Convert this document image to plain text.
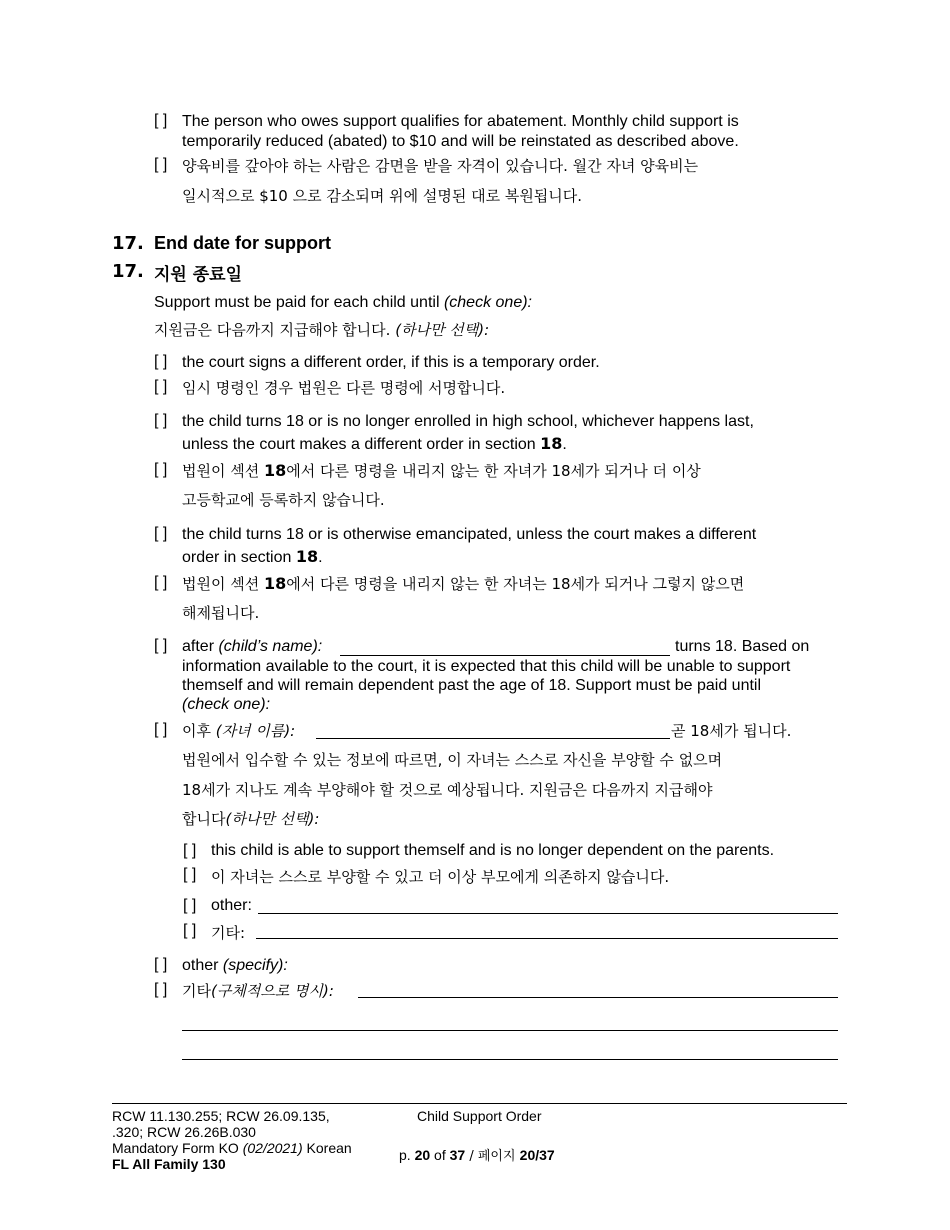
[ ] The person who owes support qualifies for abatement. Monthly child support is
temporarily reduced (abated) to $10 and will be reinstated as described above.
[ ] 양육비를 갚아야 하는 사람은 감면을 받을 자격이 있습니다. 월간 자녀 양육비는
일시적으로 $10 으로 감소되며 위에 설명된 대로 복원됩니다.
17. End date for support
17. 지원 종료일
Support must be paid for each child until (check one):
지원금은 다음까지 지급해야 합니다. (하나만 선택):
[ ] the court signs a different order, if this is a temporary order.
[ ] 임시 명령인 경우 법원은 다른 명령에 서명합니다.
[ ] the child turns 18 or is no longer enrolled in high school, whichever happens last,
unless the court makes a different order in section 18.
[ ] 법원이 섹션 18에서 다른 명령을 내리지 않는 한 자녀가 18세가 되거나 더 이상
고등학교에 등록하지 않습니다.
[ ] the child turns 18 or is otherwise emancipated, unless the court makes a different
order in section 18.
[ ] 법원이 섹션 18에서 다른 명령을 내리지 않는 한 자녀는 18세가 되거나 그렇지 않으면
해제됩니다.
[ ] after (child’s name):	turns 18. Based on
information available to the court, it is expected that this child will be unable to support
themself and will remain dependent past the age of 18. Support must be paid until
(check one):
[ ] 이후 (자녀 이름):	곧 18세가 됩니다.
법원에서 입수할 수 있는 정보에 따르면, 이 자녀는 스스로 자신을 부양할 수 없으며
18세가 지나도 계속 부양해야 할 것으로 예상됩니다. 지원금은 다음까지 지급해야
합니다(하나만 선택):
[ ] this child is able to support themself and is no longer dependent on the parents.
[ ] 이 자녀는 스스로 부양할 수 있고 더 이상 부모에게 의존하지 않습니다.
[ ] other:
[ ] 기타:
[ ] other (specify):
[ ] 기타(구체적으로 명시):
RCW 11.130.255; RCW 26.09.135,
.320; RCW 26.26B.030
Mandatory Form KO (02/2021) Korean
FL All Family 130
Child Support Order
p. 20 of 37 / 페이지 20/37
